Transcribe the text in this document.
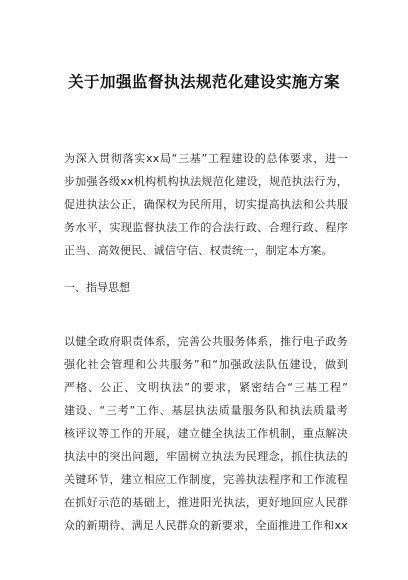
关于加强监督执法规范化建设实施方案
为深入贯彻落实xx局“三基”工程建设的总体要求，进一
步加强各级xx机构机构执法规范化建设，规范执法行为，
促进执法公正，确保权为民所用，切实提高执法和公共服
务水平，实现监督执法工作的合法行政、合理行政、程序
正当、高效便民、诚信守信、权责统一，制定本方案。
一、指导思想
以健全政府职责体系，完善公共服务体系，推行电子政务
强化社会管理和公共服务”和“加强政法队伍建设，做到
严格、公正、文明执法”的要求，紧密结合“三基工程”
建设、“三考”工作、基层执法质量服务队和执法质量考
核评议等工作的开展，建立健全执法工作机制，重点解决
执法中的突出问题，牢固树立执法为民理念，抓住执法的
关键环节，建立相应工作制度，完善执法程序和工作流程
在抓好示范的基础上，推进阳光执法，更好地回应人民群
众的新期待、满足人民群众的新要求，全面推进工作和xx
